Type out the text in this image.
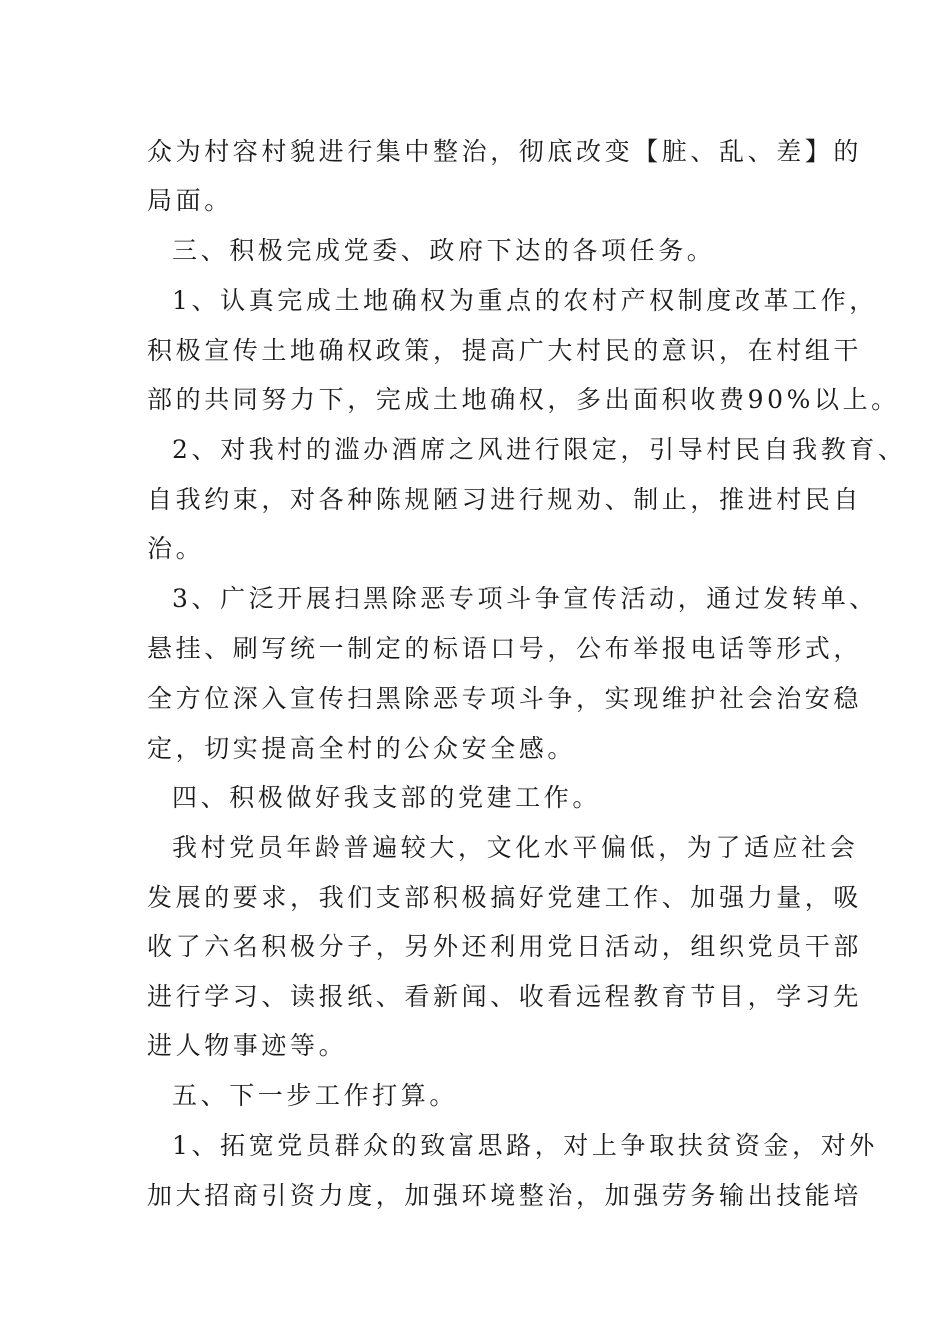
众为村容村貌进行集中整治，彻底改变【脏、乱、差】的
局面。
三、积极完成党委、政府下达的各项任务。
1、认真完成土地确权为重点的农村产权制度改革工作，
积极宣传土地确权政策，提高广大村民的意识，在村组干
部的共同努力下，完成土地确权，多出面积收费90%以上。
2、对我村的滥办酒席之风进行限定，引导村民自我教育、
自我约束，对各种陈规陋习进行规劝、制止，推进村民自
治。
3、广泛开展扫黑除恶专项斗争宣传活动，通过发转单、
悬挂、刷写统一制定的标语口号，公布举报电话等形式，
全方位深入宣传扫黑除恶专项斗争，实现维护社会治安稳
定，切实提高全村的公众安全感。
四、积极做好我支部的党建工作。
我村党员年龄普遍较大，文化水平偏低，为了适应社会
发展的要求，我们支部积极搞好党建工作、加强力量，吸
收了六名积极分子，另外还利用党日活动，组织党员干部
进行学习、读报纸、看新闻、收看远程教育节目，学习先
进人物事迹等。
五、下一步工作打算。
1、拓宽党员群众的致富思路，对上争取扶贫资金，对外
加大招商引资力度，加强环境整治，加强劳务输出技能培
